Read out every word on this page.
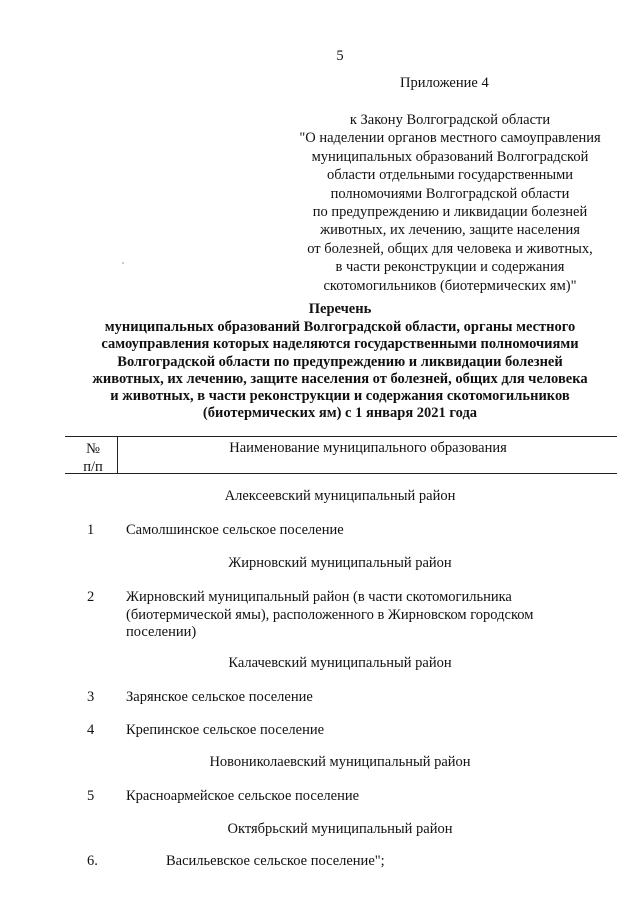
5
Приложение 4
к Закону Волгоградской области
"О наделении органов местного самоуправления
муниципальных образований Волгоградской
области отдельными государственными
полномочиями Волгоградской области
по предупреждению и ликвидации болезней
животных, их лечению, защите населения
от болезней, общих для человека и животных,
в части реконструкции и содержания
скотомогильников (биотермических ям)"
Перечень
муниципальных образований Волгоградской области, органы местного
самоуправления которых наделяются государственными полномочиями
Волгоградской области по предупреждению и ликвидации болезней
животных, их лечению, защите населения от болезней, общих для человека
и животных, в части реконструкции и содержания скотомогильников
(биотермических ям) с 1 января 2021 года
№
п/п
Наименование муниципального образования
Алексеевский муниципальный район
1 Самолшинское сельское поселение
Жирновский муниципальный район
2 Жирновский муниципальный район (в части скотомогильника (биотермической ямы), расположенного в Жирновском городском поселении)
Калачевский муниципальный район
3 Зарянское сельское поселение
4 Крепинское сельское поселение
Новониколаевский муниципальный район
5 Красноармейское сельское поселение
Октябрьский муниципальный район
6.	Васильевское сельское поселение";
